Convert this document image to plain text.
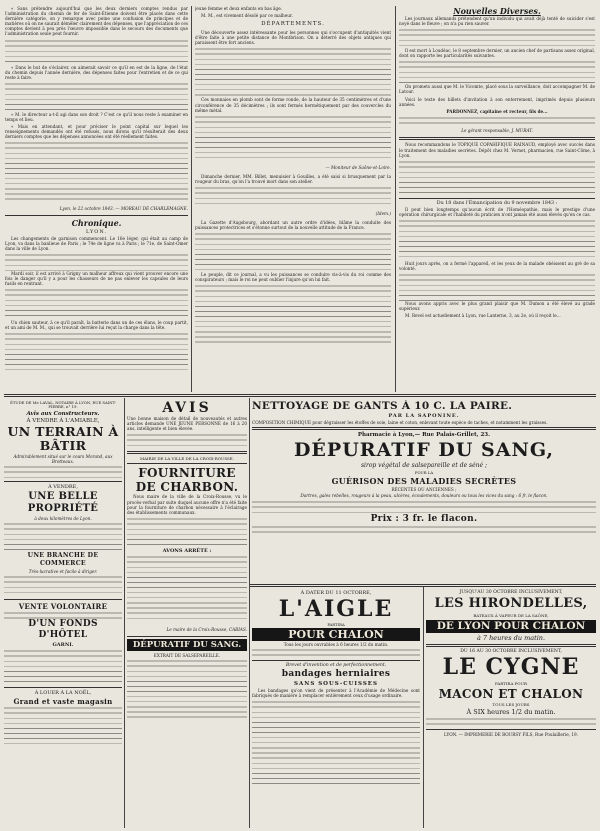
« Sans prétendre aujourd'hui que les deux derniers comptes rendus par l'administration du chemin de fer de Saint-Étienne doivent être placés dans cette dernière catégorie, on y remarque avec peine une confusion de principes et de matières où on ne saurait démêler clairement des dépenses, que l'appréciation de ces comptes devient à peu près l'œuvre impossible dans le secours des documents que l'administration seule peut fournir.

« Dans le but de s'éclairer, on aimerait savoir ce qu'il en est de la ligne, de l'état du chemin depuis l'année dernière, des dépenses faites pour l'entretien et de ce qui reste à faire.

« M. le directeur a-t-il agi dans son droit ? C'est ce qu'il nous reste à examiner en temps et lieu.

« Mais en attendant, et pour préciser le point capital sur lequel les renseignements demandés ont été refusés, nous dirons qu'il résulterait des deux derniers comptes que les dépenses annoncées ont été réellement faites.

Lyon, le 22 octobre 1843. — MOREAU DE CHARLEMAGNE.

Chronique.
LYON.

Les changements de garnison commencent. Le 16e léger, qui était au camp de Lyon, va dans la banlieue de Paris ; le 74e de ligne va à Paris ; le 71e, de Saint-Omer dans la ville de Lyon.

Mardi soir, il est arrivé à Grigny un malheur affreux qui vient prouver encore une fois le danger qu'il y a pour les chasseurs de ne pas enlever les capsules de leurs fusils en rentrant.

Un chien sauteur, à ce qu'il paraît, la batterie dans un de ces élans, le coup partit, et un ami de M. M., qui se trouvait derrière lui reçut la charge dans la tête.

jeune femme et deux enfants en bas âge.

M. M., est vivement désolé par ce malheur.

DÉPARTEMENTS.

Une découverte assez intéressante pour les personnes qui s'occupent d'antiquités vient d'être faite à une petite distance de Montbrison. On a déterré des objets antiques qui paraissent être fort anciens.

Ces monnaies en plomb sont de forme ronde, de la hauteur de 35 centimètres et d'une circonférence de 35 décimètres ; ils sont fermés hermétiquement par des couvercles du même métal.

— Moniteur de Saône-et-Loire.

Dimanche dernier, MM. Billet, menuisier à Gouilles, a été saisi si brusquement par la rougeur du bras, qu'on l'a trouvé mort dans son atelier.

(Idem.)

La Gazette d'Augsbourg, abordant un autre ordre d'idées, blâme la conduite des puissances protectrices et s'étonne surtout de la nouvelle attitude de la France.

Le peuple, dit ce journal, a vu les puissances se conduire vis-à-vis du roi comme des conspirateurs ; mais le roi ne peut oublier l'injure qu'on lui fait.

Nouvelles Diverses.

Les journaux allemands prétendent qu'un individu qui avait déjà tenté de suicider s'est noyé dans le fleuve ; on n'a pu rien sauver.

Il est mort à Loudéac, le 8 septembre dernier, un ancien chef de partisans assez original, dont on rapporte les particularités suivantes.

On promets aussi que M. le Vicomte, placé sous la surveillance, doit accompagner M. de Latour.

Voici le texte des billets d'invitation à son enterrement, imprimés depuis plusieurs années.

PARDONNEZ, capitaine et recteur, fils de...

Le gérant responsable, J. MURAT.

Nous recommandons le TOPIQUE COPAHIFIQUE RAINAUD, employé avec succès dans le traitement des maladies secrètes. Dépôt chez M. Vernet, pharmacien, rue Saint-Côme, à Lyon.

Du 18 dans l'Émancipation du 9 novembre 1843 :

Il peut bien longtemps qu'aucun écrit de l'Homéopathie, mais le prestige d'une opération chirurgicale et l'habileté du praticien n'ont jamais été aussi élevés qu'en ce cas.

Huit jours après, on a fermé l'appareil, et les yeux de la malade obéissent au gré de sa volonté.

Nous avons appris avec le plus grand plaisir que M. Dumon a été élevé au grade supérieur.

M. Revel est actuellement à Lyon, rue Lanterne, 3, au 2e, où il reçoit le...

ÉTUDE DE Me LAVAL, NOTAIRE À LYON, RUE SAINT-PIERRE, n° 19.
Avis aux Constructeurs.
À VENDRE À L'AMIABLE,
UN TERRAIN À BÂTIR
Admirablement situé sur le cours Morand, aux Brotteaux.
À VENDRE,
UNE BELLE PROPRIÉTÉ
à deux kilomètres de Lyon.
UNE BRANCHE DE COMMERCE
Très-lucrative et facile à diriger.
VENTE VOLONTAIRE
D'UN FONDS D'HÔTEL
GARNI.
À LOUER À LA NOËL,
Grand et vaste magasin
AVIS

Une bonne maison de détail de nouveautés et autres articles demande UNE JEUNE PERSONNE de 16 à 20 ans, intelligente et bien élevée.

MAIRIE DE LA VILLE DE LA CROIX-ROUSSE.
FOURNITURE DE CHARBON.

Nous maire de la ville de la Croix-Rousse, vu le procès-verbal par suite duquel aucune offre n'a été faite pour la fourniture de charbon nécessaire à l'éclairage des établissements communaux.

AVONS ARRÊTÉ :

Le maire de la Croix-Rousse, CABIAS.

DÉPURATIF DU SANG.
EXTRAIT DE SALSEPAREILLE.
NETTOYAGE DE GANTS À 10 C. LA PAIRE.
PAR LA SAPONINE.

COMPOSITION CHIMIQUE pour dégraisser les étoffes de soie, laine et coton, enlevant toute espèce de taches, et notamment les graisses.

Pharmacie à Lyon,— Rue Palais-Grillet, 23.
DÉPURATIF DU SANG,
sirop végétal de salsepareille et de séné ;
POUR LA
GUÉRISON DES MALADIES SECRÈTES
RÉCENTES OU ANCIENNES ;

Dartres, gales rebelles, rougeurs à la peau, ulcères, écoulements, douleurs ou tous les vices du sang : 6 fr. le flacon.

Prix : 3 fr. le flacon.
À DATER DU 11 OCTOBRE,
L'AIGLE
PARTIRA
POUR CHALON
Tous les jours ouvrables à 6 heures 1/2 du matin.
Brevet d'invention et de perfectionnement.
bandages herniaires
SANS SOUS-CUISSES

Les bandages qu'on vient de présenter à l'Académie de Médecine sont fabriqués de manière à remplacer entièrement ceux d'usage ordinaire.

JUSQU'AU 30 OCTOBRE INCLUSIVEMENT,
LES HIRONDELLES,
BATEAUX À VAPEUR DE LA SAÔNE,
DE LYON POUR CHALON
à 7 heures du matin.
DU 16 AU 30 OCTOBRE INCLUSIVEMENT,
LE CYGNE
PARTIRA POUR
MACON ET CHALON
TOUS LES JOURS
À SIX heures 1/2 du matin.
LYON. — IMPRIMERIE DE BOURSY FILS, Rue Poulaillerie, 19.
